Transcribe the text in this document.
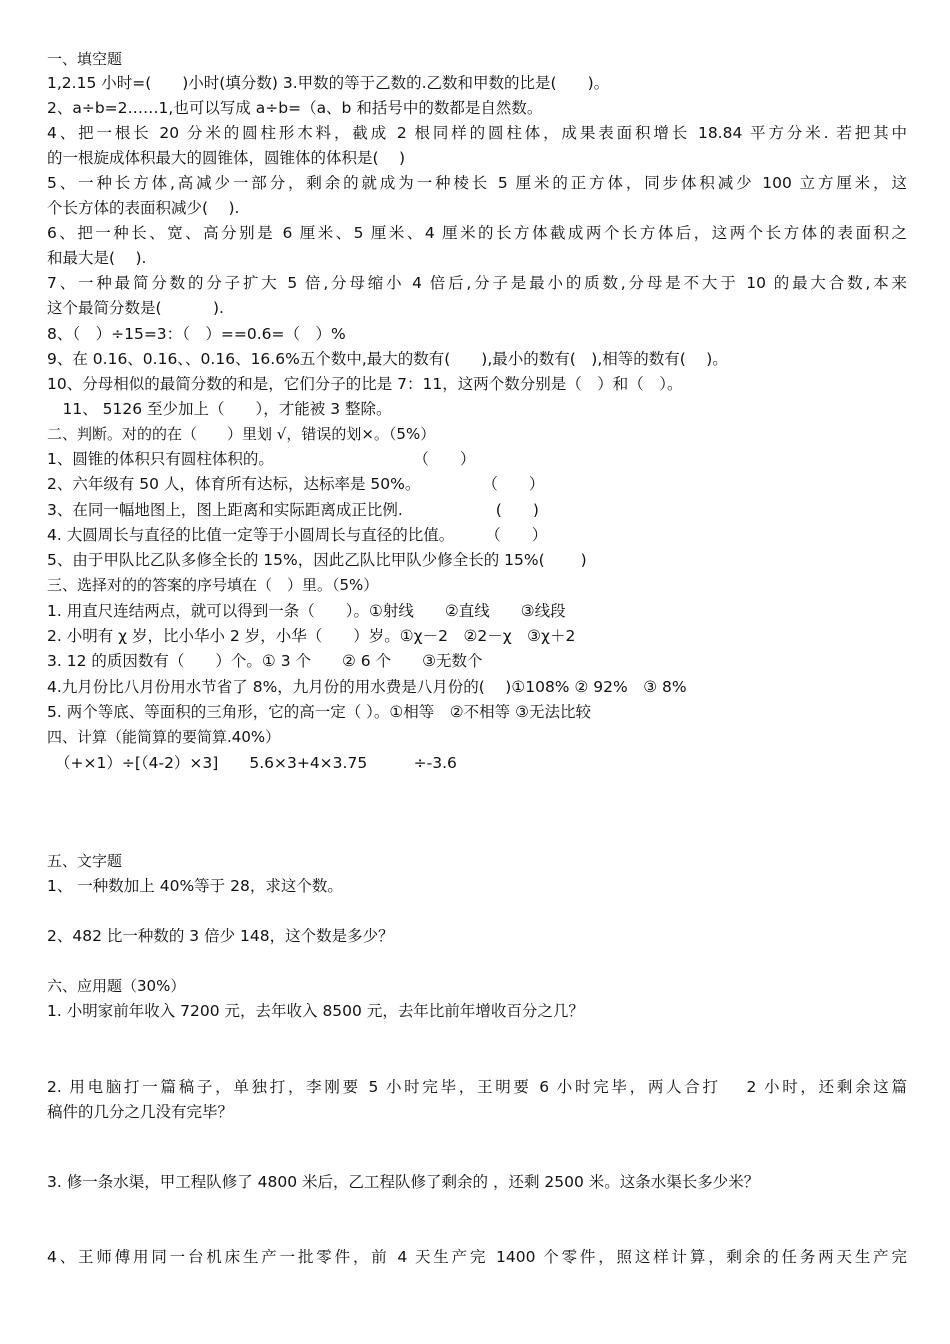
一、填空题
1,2.15 小时=(　　)小时(填分数) 3.甲数的等于乙数的.乙数和甲数的比是(　　)。
2、a÷b=2……1,也可以写成 a÷b=（a、b 和括号中的数都是自然数。
4、把一根长 20 分米的圆柱形木料，截成 2 根同样的圆柱体，成果表面积增长 18.84 平方分米. 若把其中
的一根旋成体积最大的圆锥体，圆锥体的体积是(　 )
5、一种长方体,高减少一部分，剩余的就成为一种棱长 5 厘米的正方体，同步体积减少 100 立方厘米，这
个长方体的表面积减少(　 ).
6、把一种长、宽、高分别是 6 厘米、5 厘米、4 厘米的长方体截成两个长方体后，这两个长方体的表面积之
和最大是(　 ).
7、一种最简分数的分子扩大 5 倍,分母缩小 4 倍后,分子是最小的质数,分母是不大于 10 的最大合数,本来
这个最简分数是(　　　 ).
8、（　）÷15=3：（　）==0.6=（　）%
9、在 0.16、0.16、、0.16、16.6%五个数中,最大的数有(　　),最小的数有(　),相等的数有(　 )。
10、分母相似的最简分数的和是，它们分子的比是 7：11，这两个数分别是（　）和（　）。
　11、 5126 至少加上（　　），才能被 3 整除。
二、判断。对的的在（　　）里划 √，错误的划×。（5%）
1、圆锥的体积只有圆柱体积的。　　　　　　　　　　（　　）
2、六年级有 50 人，体育所有达标，达标率是 50%。　　　　　（　　）
3、在同一幅地图上，图上距离和实际距离成正比例.　　　　　　(　　)
4. 大圆周长与直径的比值一定等于小圆周长与直径的比值。　　　（　　）
5、由于甲队比乙队多修全长的 15%，因此乙队比甲队少修全长的 15%(　　 )
三、选择对的的答案的序号填在（　）里。（5%）
1. 用直尺连结两点，就可以得到一条（　　）。①射线　　②直线　　③线段
2. 小明有 χ 岁，比小华小 2 岁，小华（　　）岁。①χ－2　②2－χ　③χ＋2
3. 12 的质因数有（　　）个。① 3 个　　② 6 个　　③无数个
4.九月份比八月份用水节省了 8%，九月份的用水费是八月份的(　 )①108% ② 92%　③ 8%
5. 两个等底、等面积的三角形，它的高一定（ ）。①相等　②不相等 ③无法比较
四、计算（能简算的要简算.40%）
（+×1）÷[（4-2）×3]　　5.6×3+4×3.75　　　÷-3.6
五、文字题
1、 一种数加上 40%等于 28，求这个数。
2、482 比一种数的 3 倍少 148，这个数是多少？
六、应用题（30%）
1. 小明家前年收入 7200 元，去年收入 8500 元，去年比前年增收百分之几？
2. 用电脑打一篇稿子，单独打，李刚要 5 小时完毕，王明要 6 小时完毕，两人合打　 2 小时，还剩余这篇
稿件的几分之几没有完毕？
3. 修一条水渠，甲工程队修了 4800 米后，乙工程队修了剩余的 ，还剩 2500 米。这条水渠长多少米？
4、王师傅用同一台机床生产一批零件，前 4 天生产完 1400 个零件，照这样计算，剩余的任务两天生产完
